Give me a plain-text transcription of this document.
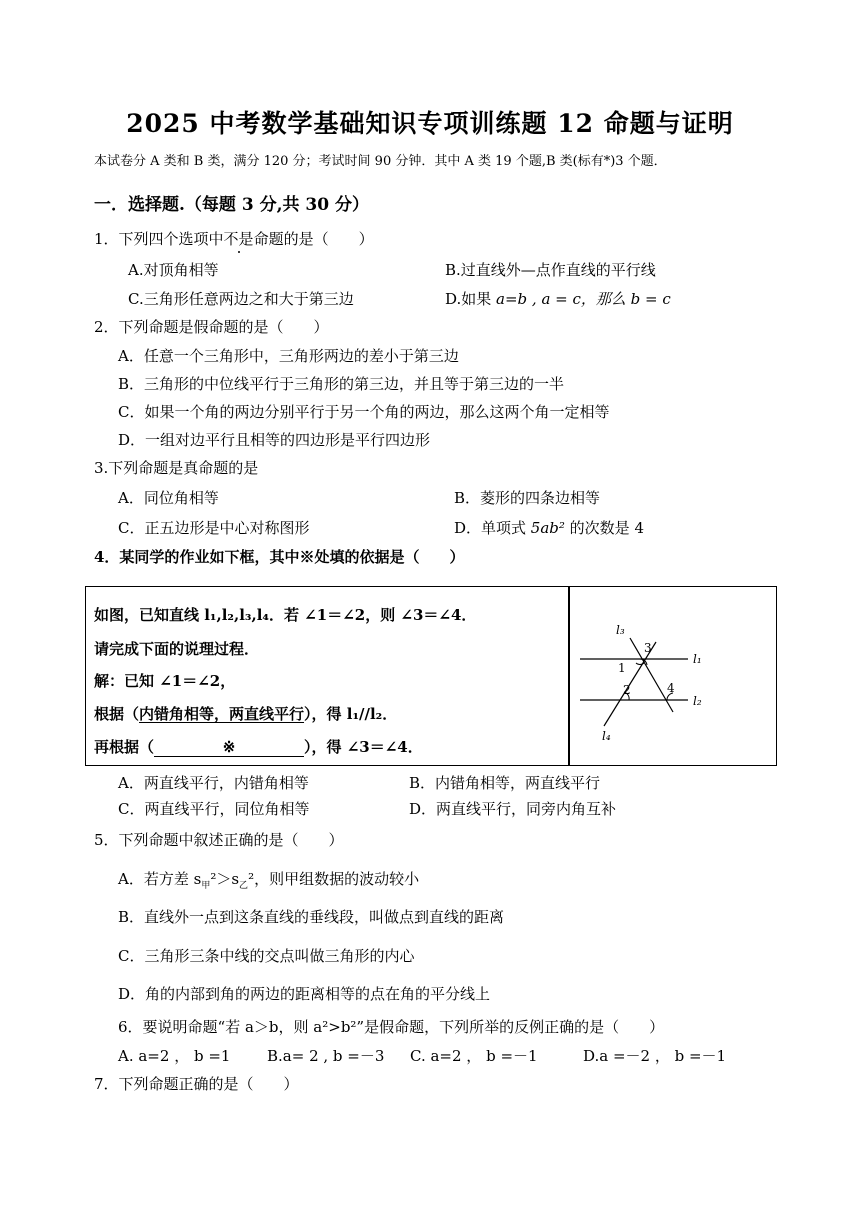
2025 中考数学基础知识专项训练题 12 命题与证明
本试卷分 A 类和 B 类，满分 120 分；考试时间 90 分钟．其中 A 类 19 个题,B 类(标有*)3 个题．
一．选择题.（每题 3 分,共 30 分）
1．下列四个选项中不是命题的是（　　）
A.对顶角相等	B.过直线外—点作直线的平行线
C.三角形任意两边之和大于第三边	D.如果 a=b , a = c，那么 b = c
2．下列命题是假命题的是（　　）
A．任意一个三角形中，三角形两边的差小于第三边
B．三角形的中位线平行于三角形的第三边，并且等于第三边的一半
C．如果一个角的两边分别平行于另一个角的两边，那么这两个角一定相等
D．一组对边平行且相等的四边形是平行四边形
3.下列命题是真命题的是
A．同位角相等	B．菱形的四条边相等
C．正五边形是中心对称图形	D．单项式 5ab² 的次数是 4
4．某同学的作业如下框，其中※处填的依据是（　　）
如图，已知直线 l₁,l₂,l₃,l₄．若 ∠1＝∠2，则 ∠3＝∠4．
请完成下面的说理过程．
解：已知 ∠1＝∠2，
根据（内错角相等，两直线平行），得 l₁//l₂．
再根据（	※	），得 ∠3＝∠4．
l₃
3
1
l₁
2	4
l₂
l₄
A．两直线平行，内错角相等	B．内错角相等，两直线平行
C．两直线平行，同位角相等	D．两直线平行，同旁内角互补
5．下列命题中叙述正确的是（　　）
A．若方差 $s_甲^2>s_乙^2$，则甲组数据的波动较小
B．直线外一点到这条直线的垂线段，叫做点到直线的距离
C．三角形三条中线的交点叫做三角形的内心
D．角的内部到角的两边的距离相等的点在角的平分线上
6．要说明命题“若 a＞b，则 a²>b²”是假命题，下列所举的反例正确的是（　　）
A. a=2 ， b =1 B.a= 2 , b =－3 C. a=2 ， b =－1	D.a =－2 ， b =－1
7．下列命题正确的是（　　）
